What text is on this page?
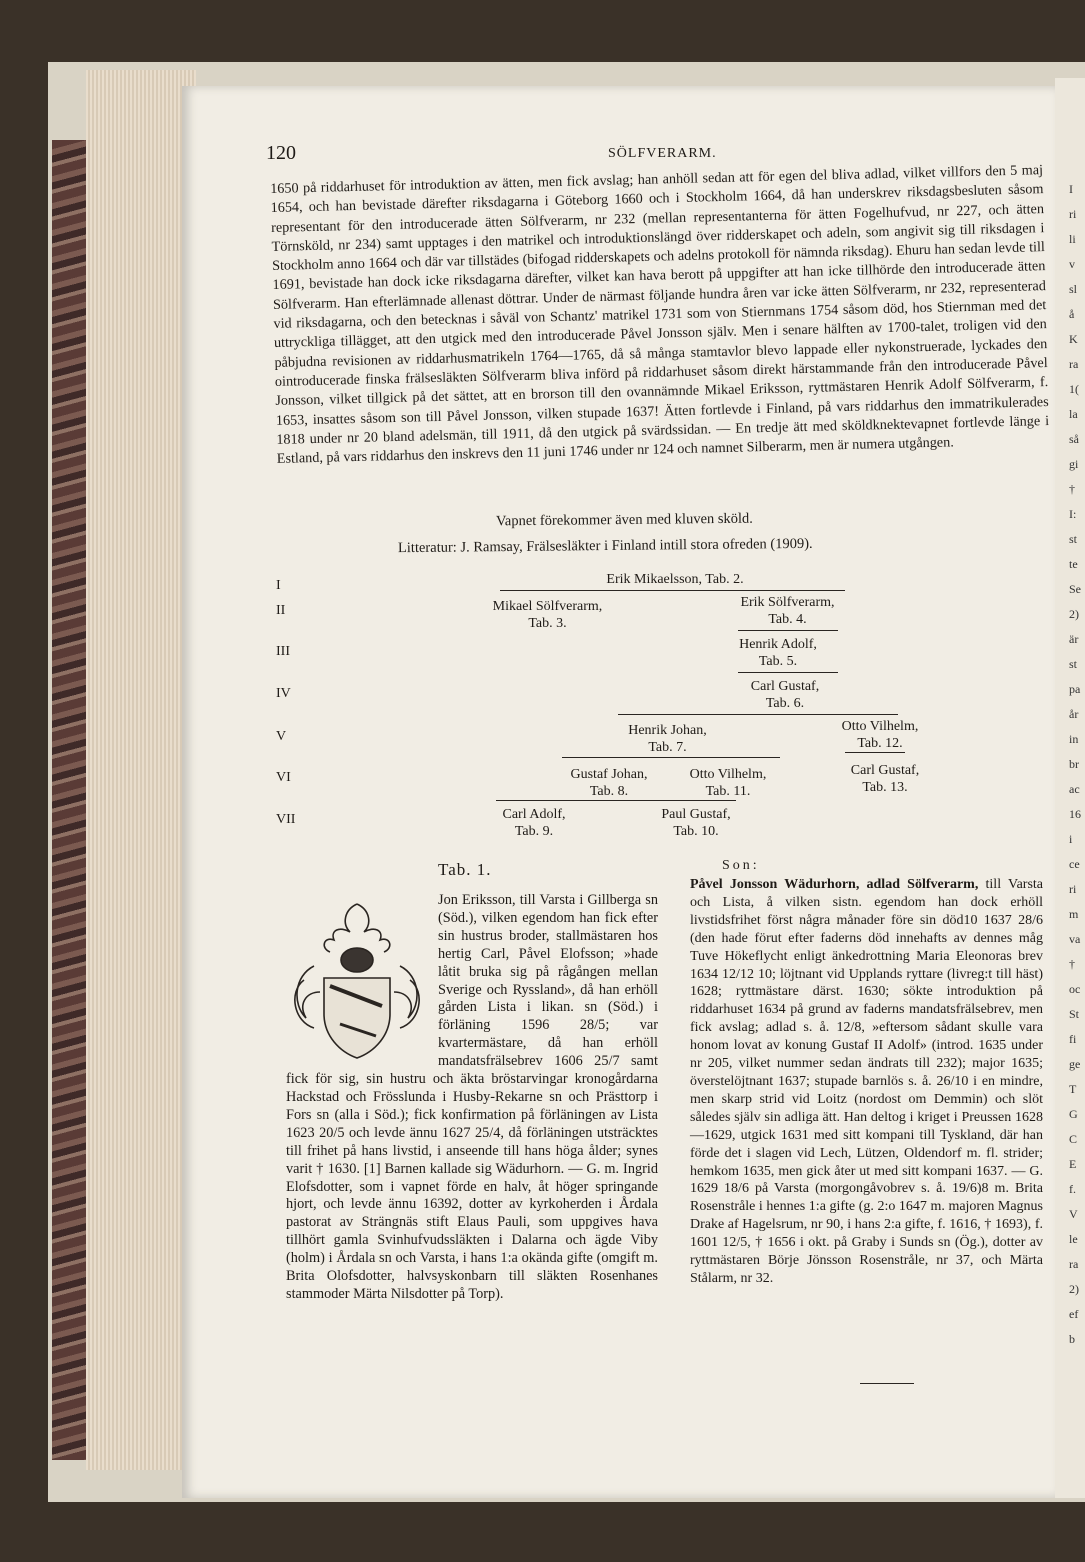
I
ri
li
v
sl
å
K
ra
1(
la
så
gi
†
I:
st
te
Se
2)
är
st
pa
år
in
br
ac
16
i
ce
ri
m
va
†
oc
St
fi
ge
T
G
C
E
f.
V
le
ra
2)
ef
b
120	SÖLFVERARM.

1650 på riddarhuset för introduktion av ätten, men fick avslag; han anhöll sedan att för egen del bliva adlad, vilket villfors den 5 maj 1654, och han bevistade därefter riksdagarna i Göteborg 1660 och i Stockholm 1664, då han underskrev riksdagsbesluten såsom representant för den introducerade ätten Sölfverarm, nr 232 (mellan representanterna för ätten Fogelhufvud, nr 227, och ätten Törnsköld, nr 234) samt upptages i den matrikel och introduktionslängd över ridderskapet och adeln, som angivit sig till riksdagen i Stockholm anno 1664 och där var tillstädes (bifogad ridderskapets och adelns protokoll för nämnda riksdag). Ehuru han sedan levde till 1691, bevistade han dock icke riksdagarna därefter, vilket kan hava berott på uppgifter att han icke tillhörde den introducerade ätten Sölfverarm. Han efterlämnade allenast döttrar. Under de närmast följande hundra åren var icke ätten Sölfverarm, nr 232, representerad vid riksdagarna, och den betecknas i såväl von Schantz' matrikel 1731 som von Stiernmans 1754 såsom död, hos Stiernman med det uttryckliga tillägget, att den utgick med den introducerade Påvel Jonsson själv. Men i senare hälften av 1700-talet, troligen vid den påbjudna revisionen av riddarhusmatrikeln 1764—1765, då så många stamtavlor blevo lappade eller nykonstruerade, lyckades den ointroducerade finska frälsesläkten Sölfverarm bliva införd på riddarhuset såsom direkt härstammande från den introducerade Påvel Jonsson, vilket tillgick på det sättet, att en brorson till den ovannämnde Mikael Eriksson, ryttmästaren Henrik Adolf Sölfverarm, f. 1653, insattes såsom son till Påvel Jonsson, vilken stupade 1637! Ätten fortlevde i Finland, på vars riddarhus den immatrikulerades 1818 under nr 20 bland adelsmän, till 1911, då den utgick på svärdssidan. — En tredje ätt med sköldknektevapnet fortlevde länge i Estland, på vars riddarhus den inskrevs den 11 juni 1746 under nr 124 och namnet Silberarm, men är numera utgången.

Vapnet förekommer även med kluven sköld.
Litteratur: J. Ramsay, Frälsesläkter i Finland intill stora ofreden (1909).
I
II
III
IV
V
VI
VII
Erik Mikaelsson, Tab. 2.
Mikael Sölfverarm,
Tab. 3.
Erik Sölfverarm,
Tab. 4.
Henrik Adolf,
Tab. 5.
Carl Gustaf,
Tab. 6.
Henrik Johan,
Tab. 7.
Otto Vilhelm,
Tab. 12.
Gustaf Johan,
Tab. 8.
Otto Vilhelm,
Tab. 11.
Carl Gustaf,
Tab. 13.
Carl Adolf,
Tab. 9.
Paul Gustaf,
Tab. 10.
Tab. 1.

Jon Eriksson, till Varsta i Gillberga sn (Söd.), vilken egendom han fick efter sin hustrus broder, stallmästaren hos hertig Carl, Påvel Elofsson; »hade låtit bruka sig på rågången mellan Sverige och Ryssland», då han erhöll gården Lista i likan. sn (Söd.) i förläning 1596 28/5; var kvartermästare, då han erhöll mandatsfrälsebrev 1606 25/7 samt fick för sig, sin hustru och äkta bröstarvingar kronogårdarna Hackstad och Frösslunda i Husby-Rekarne sn och Prästtorp i Fors sn (alla i Söd.); fick konfirmation på förläningen av Lista 1623 20/5 och levde ännu 1627 25/4, då förläningen utsträcktes till frihet på hans livstid, i anseende till hans höga ålder; synes varit † 1630. [1] Barnen kallade sig Wädurhorn. — G. m. Ingrid Elofsdotter, som i vapnet förde en halv, åt höger springande hjort, och levde ännu 16392, dotter av kyrkoherden i Årdala pastorat av Strängnäs stift Elaus Pauli, som uppgives hava tillhört gamla Svinhufvudssläkten i Dalarna och ägde Viby (holm) i Årdala sn och Varsta, i hans 1:a okända gifte (omgift m. Brita Olofsdotter, halvsyskonbarn till släkten Rosenhanes stammoder Märta Nilsdotter på Torp).

Son:

Påvel Jonsson Wädurhorn, adlad Sölfverarm, till Varsta och Lista, å vilken sistn. egendom han dock erhöll livstidsfrihet först några månader före sin död10 1637 28/6 (den hade förut efter faderns död innehafts av dennes måg Tuve Hökeflycht enligt änkedrottning Maria Eleonoras brev 1634 12/12 10; löjtnant vid Upplands ryttare (livreg:t till häst) 1628; ryttmästare därst. 1630; sökte introduktion på riddarhuset 1634 på grund av faderns mandatsfrälsebrev, men fick avslag; adlad s. å. 12/8, »eftersom sådant skulle vara honom lovat av konung Gustaf II Adolf» (introd. 1635 under nr 205, vilket nummer sedan ändrats till 232); major 1635; överstelöjtnant 1637; stupade barnlös s. å. 26/10 i en mindre, men skarp strid vid Loitz (nordost om Demmin) och slöt således själv sin adliga ätt. Han deltog i kriget i Preussen 1628—1629, utgick 1631 med sitt kompani till Tyskland, där han förde det i slagen vid Lech, Lützen, Oldendorf m. fl. strider; hemkom 1635, men gick åter ut med sitt kompani 1637. — G. 1629 18/6 på Varsta (morgongåvobrev s. å. 19/6)8 m. Brita Rosenstråle i hennes 1:a gifte (g. 2:o 1647 m. majoren Magnus Drake af Hagelsrum, nr 90, i hans 2:a gifte, f. 1616, † 1693), f. 1601 12/5, † 1656 i okt. på Graby i Sunds sn (Ög.), dotter av ryttmästaren Börje Jönsson Rosenstråle, nr 37, och Märta Stålarm, nr 32.
